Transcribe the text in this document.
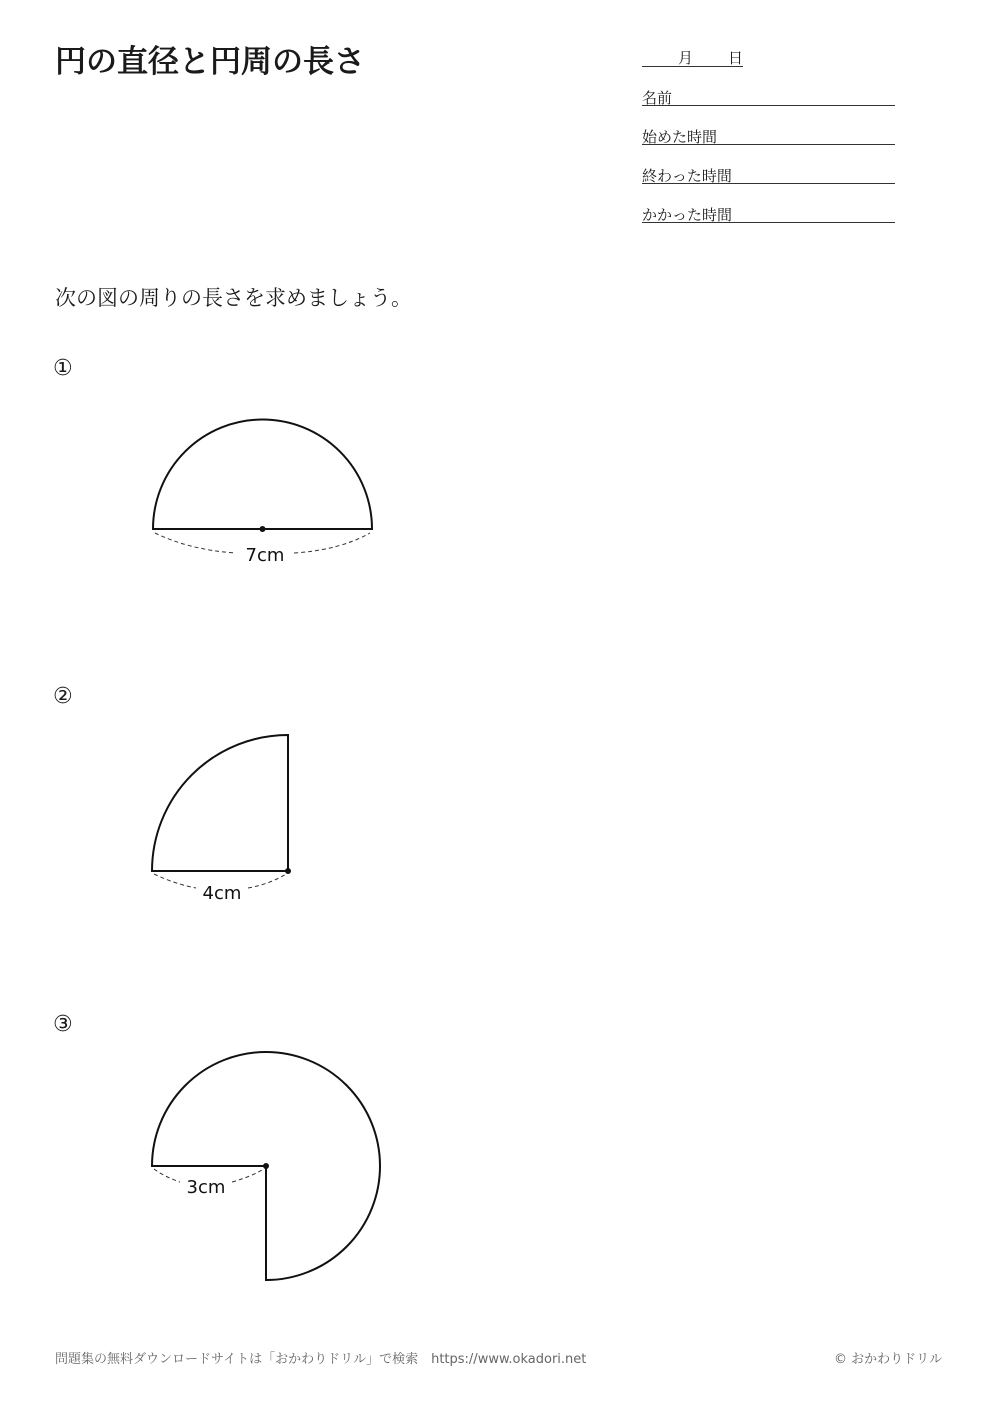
円の直径と円周の長さ	月 日
名前
始めた時間
終わった時間
かかった時間
次の図の周りの長さを求めましょう。
①
②
③
7cm
4cm
3cm
問題集の無料ダウンロードサイトは「おかわりドリル」で検索　https://www.okadori.net	© おかわりドリル
